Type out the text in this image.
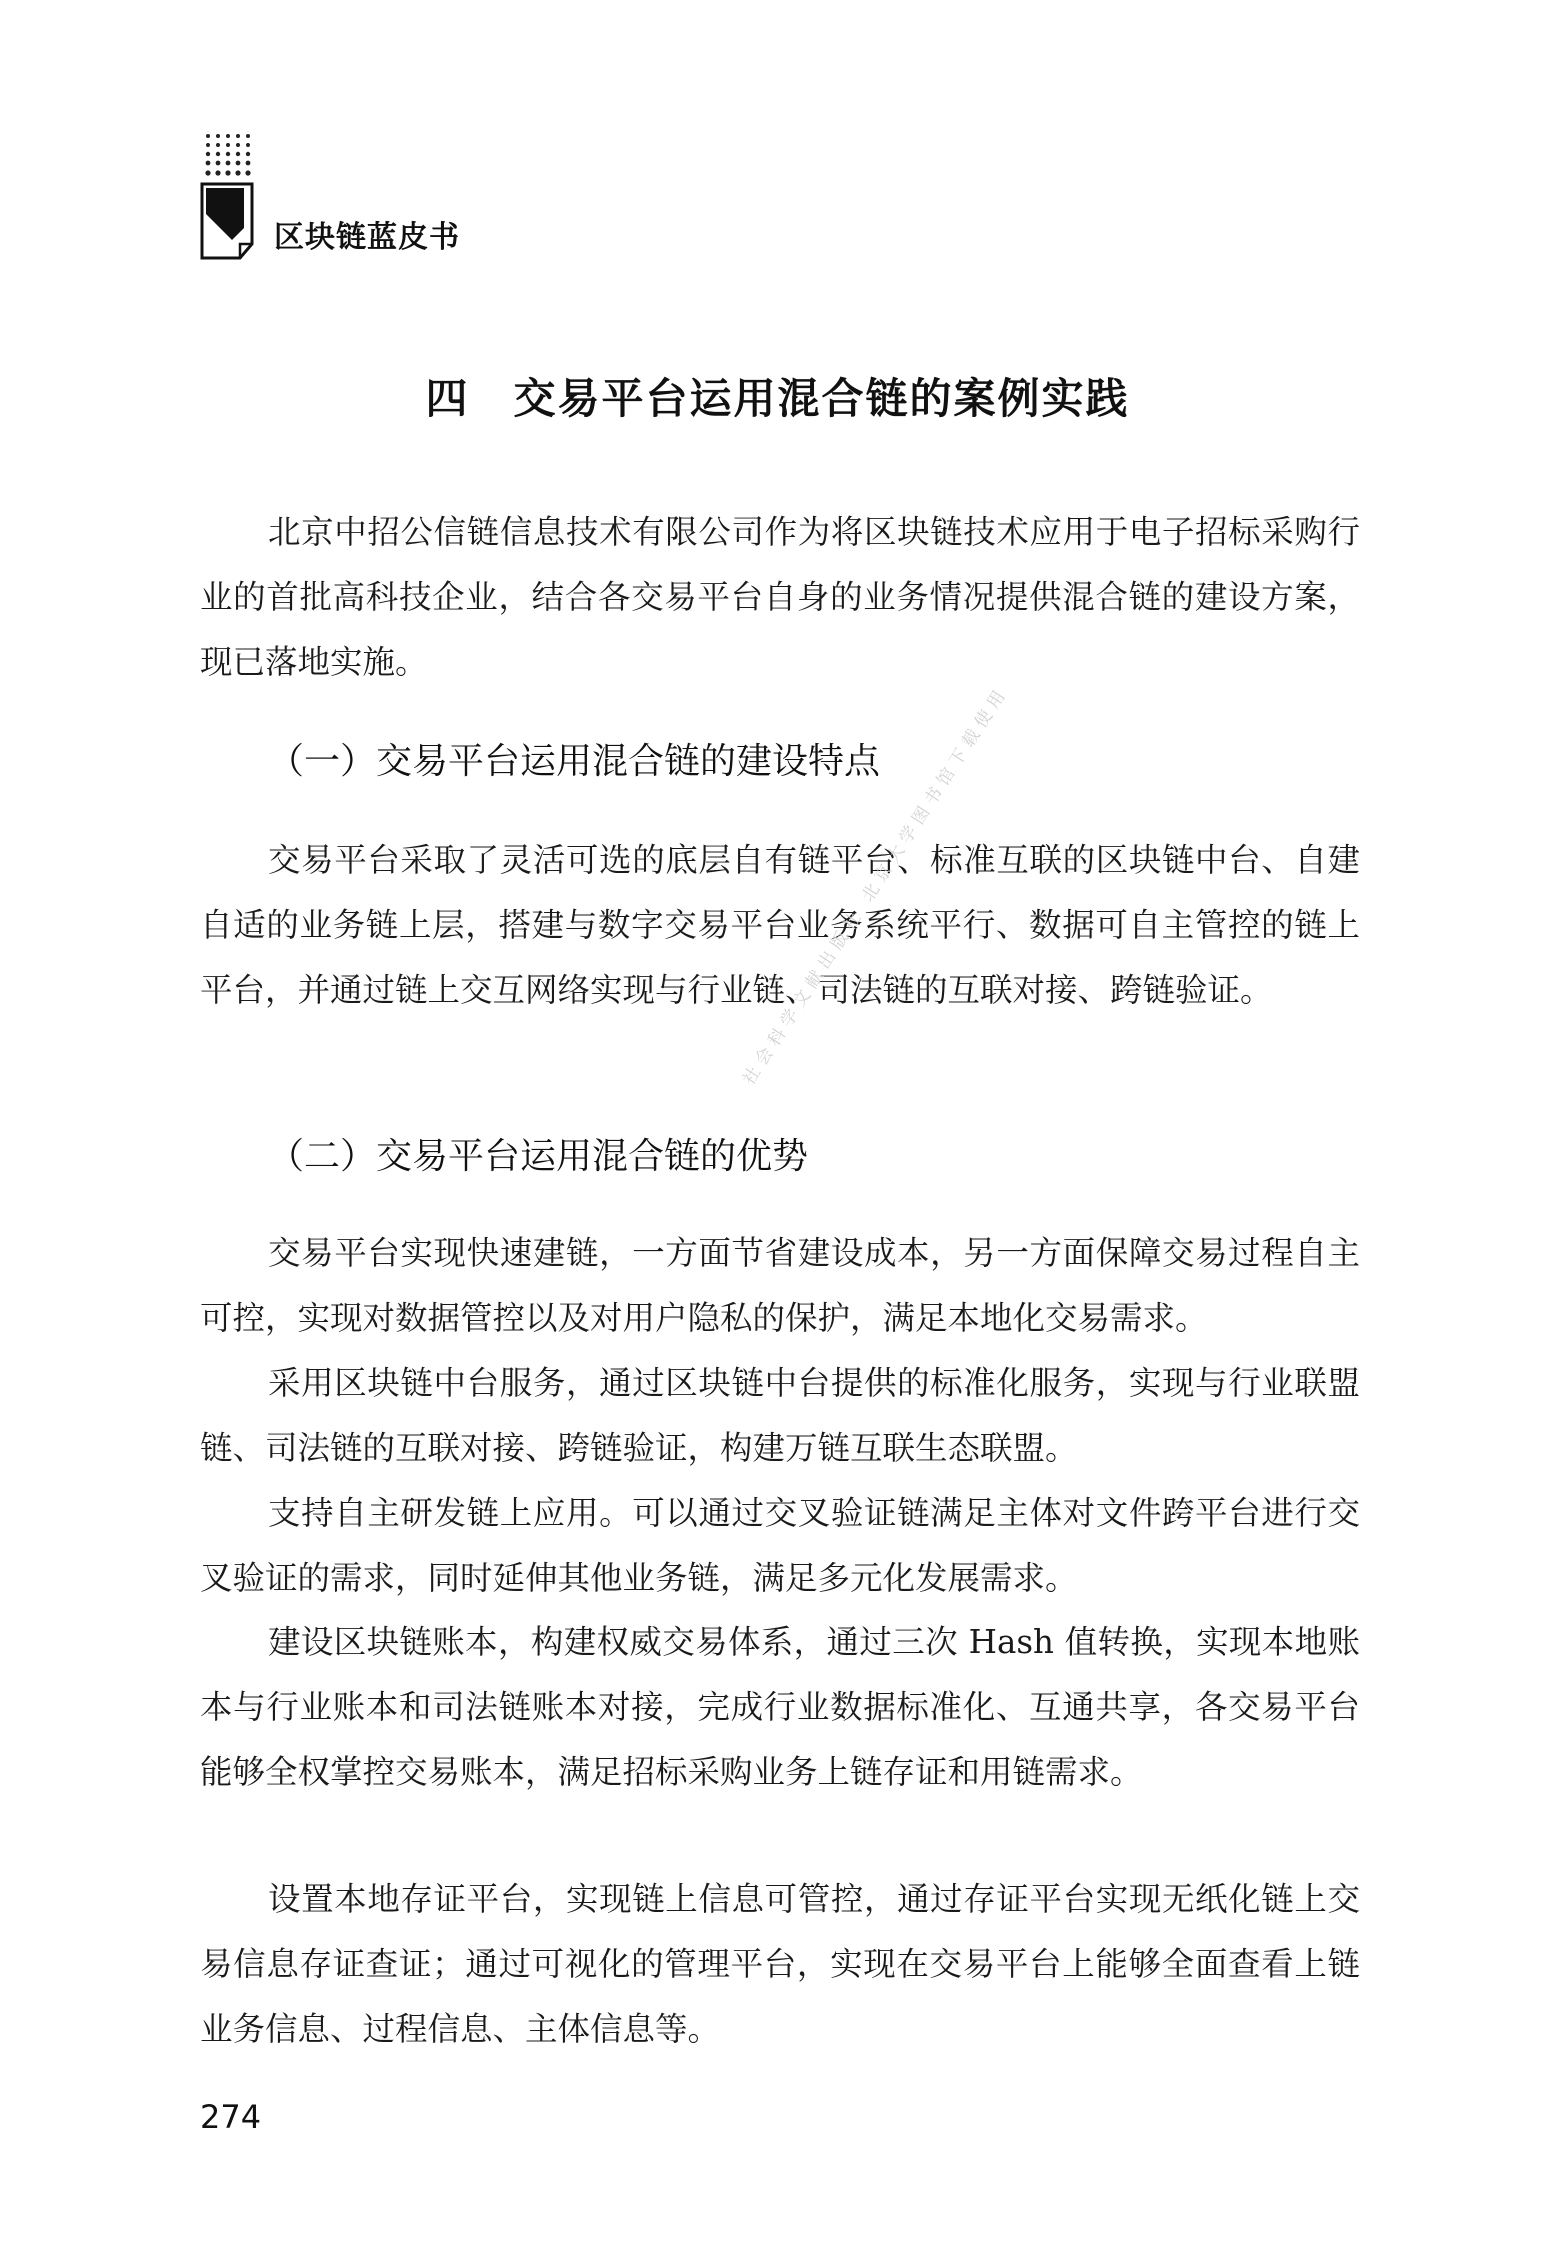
区块链蓝皮书
四 交易平台运用混合链的案例实践

北京中招公信链信息技术有限公司作为将区块链技术应用于电子招标采购行业的首批高科技企业，结合各交易平台自身的业务情况提供混合链的建设方案，现已落地实施。

（一）交易平台运用混合链的建设特点

交易平台采取了灵活可选的底层自有链平台、标准互联的区块链中台、自建自适的业务链上层，搭建与数字交易平台业务系统平行、数据可自主管控的链上平台，并通过链上交互网络实现与行业链、司法链的互联对接、跨链验证。

（二）交易平台运用混合链的优势

交易平台实现快速建链，一方面节省建设成本，另一方面保障交易过程自主可控，实现对数据管控以及对用户隐私的保护，满足本地化交易需求。

采用区块链中台服务，通过区块链中台提供的标准化服务，实现与行业联盟链、司法链的互联对接、跨链验证，构建万链互联生态联盟。

支持自主研发链上应用。可以通过交叉验证链满足主体对文件跨平台进行交叉验证的需求，同时延伸其他业务链，满足多元化发展需求。

建设区块链账本，构建权威交易体系，通过三次 Hash 值转换，实现本地账本与行业账本和司法链账本对接，完成行业数据标准化、互通共享，各交易平台能够全权掌控交易账本，满足招标采购业务上链存证和用链需求。

设置本地存证平台，实现链上信息可管控，通过存证平台实现无纸化链上交易信息存证查证；通过可视化的管理平台，实现在交易平台上能够全面查看上链业务信息、过程信息、主体信息等。

274
社会科学文献出版社 北京大学图书馆下载使用
